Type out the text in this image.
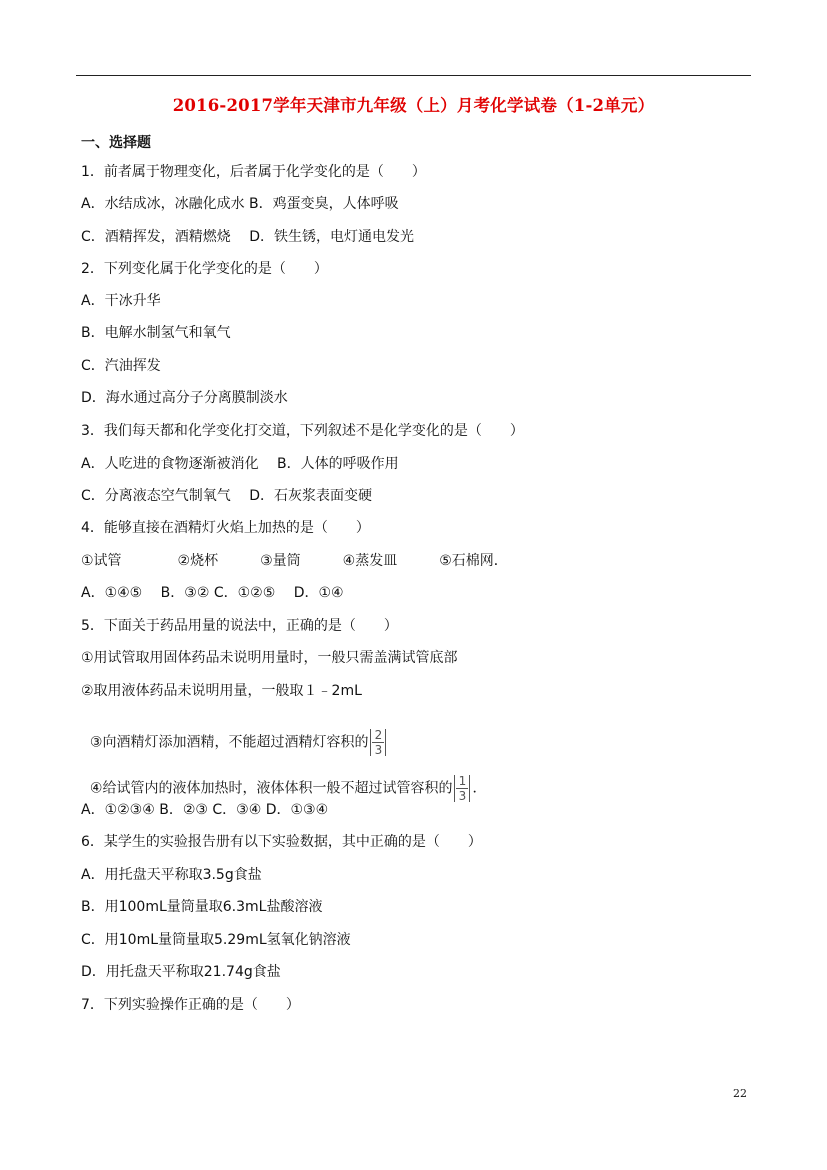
2016-2017学年天津市九年级（上）月考化学试卷（1-2单元）
一、选择题
1．前者属于物理变化，后者属于化学变化的是（　　）
A．水结成冰，冰融化成水 B．鸡蛋变臭，人体呼吸
C．酒精挥发，酒精燃烧　 D．铁生锈，电灯通电发光
2．下列变化属于化学变化的是（　　）
A．干冰升华
B．电解水制氢气和氧气
C．汽油挥发
D．海水通过高分子分离膜制淡水
3．我们每天都和化学变化打交道，下列叙述不是化学变化的是（　　）
A．人吃进的食物逐渐被消化　 B．人体的呼吸作用
C．分离液态空气制氧气　 D．石灰浆表面变硬
4．能够直接在酒精灯火焰上加热的是（　　）
①试管　　　　②烧杯　　　③量筒　　　④蒸发皿　　　⑤石棉网．
A．①④⑤　 B．③② C．①②⑤　 D．①④
5．下面关于药品用量的说法中，正确的是（　　）
①用试管取用固体药品未说明用量时，一般只需盖满试管底部
②取用液体药品未说明用量，一般取１﹣2mL

③向酒精灯添加酒精，不能超过酒精灯容积的 $\frac{2}{3}$

④给试管内的液体加热时，液体体积一般不超过试管容积的 $\frac{1}{3}$ ．

A．①②③④ B．②③ C．③④ D．①③④
6．某学生的实验报告册有以下实验数据，其中正确的是（　　）
A．用托盘天平称取3.5g食盐
B．用100mL量筒量取6.3mL盐酸溶液
C．用10mL量筒量取5.29mL氢氧化钠溶液
D．用托盘天平称取21.74g食盐
7．下列实验操作正确的是（　　）
22
